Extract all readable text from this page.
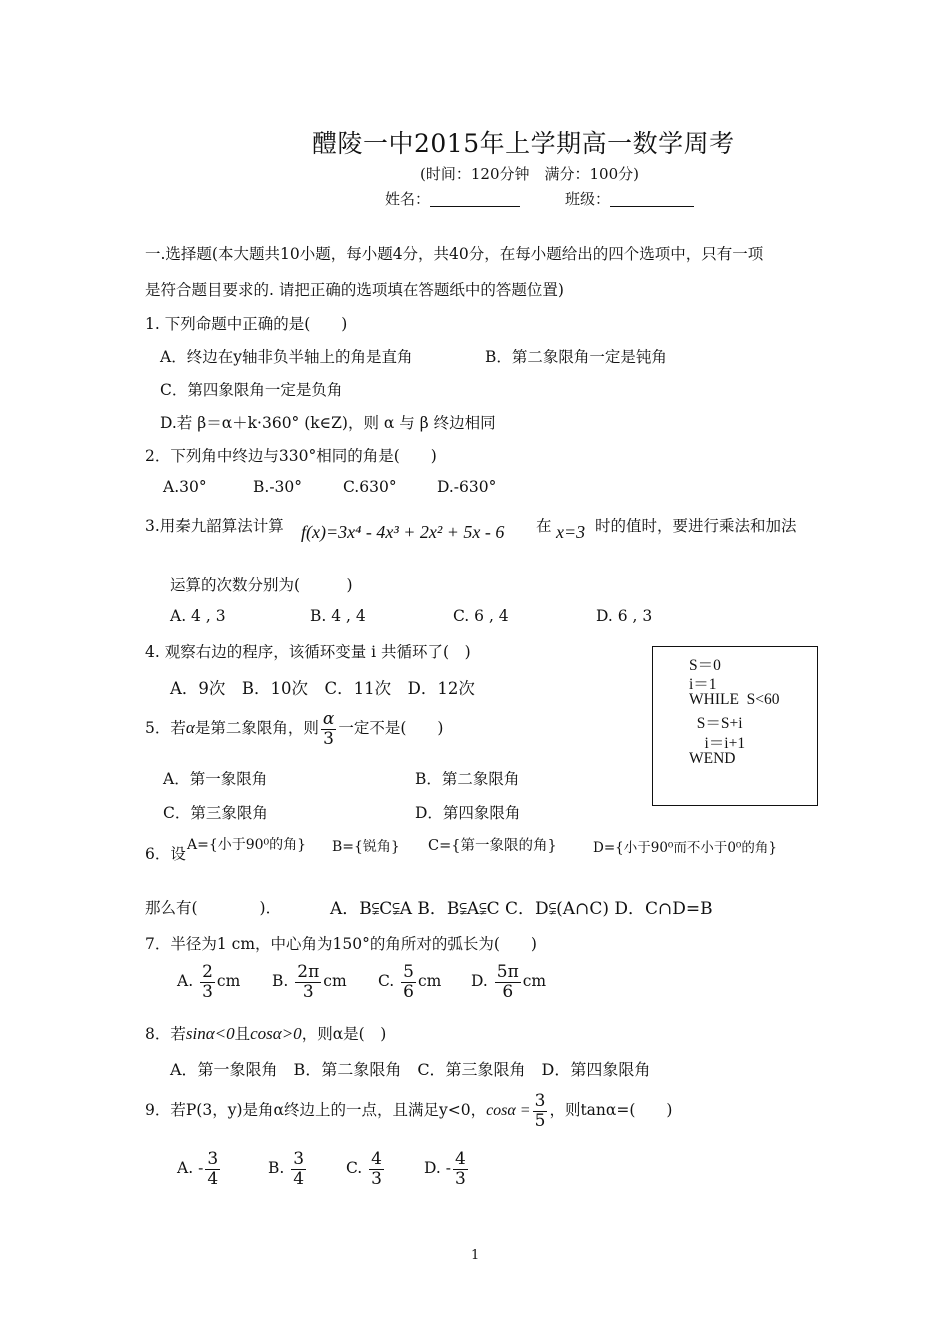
醴陵一中2015年上学期高一数学周考
(时间：120分钟　满分：100分)
姓名：	班级：
一.选择题(本大题共10小题，每小题4分，共40分，在每小题给出的四个选项中，只有一项
是符合题目要求的. 请把正确的选项填在答题纸中的答题位置)
1. 下列命题中正确的是(　　)
A．终边在y轴非负半轴上的角是直角	B．第二象限角一定是钝角
C．第四象限角一定是负角
D.若 β＝α＋k·360° (k∈Z)，则 α 与 β 终边相同
2．下列角中终边与330°相同的角是(　　)
A.30°	B.-30°	C.630°	D.-630°
3.用秦九韶算法计算 f(x)=3x⁴ - 4x³ + 2x² + 5x - 6 在 x=3 时的值时，要进行乘法和加法
运算的次数分别为(　　　)
A. 4 , 3	B. 4 , 4	C. 6 , 4	D. 6 , 3
4. 观察右边的程序，该循环变量 i 共循环了(　)
A．9次　B．10次　C．11次　D．12次
S＝0
i＝1
WHILE  S<60
S＝S+i
i＝i+1
WEND
5．若α是第二象限角，则 $\frac{\alpha}{3}$ 一定不是(　　)
A．第一象限角	B．第二象限角
C．第三象限角	D．第四象限角
6．设 A={小于90⁰的角} B={锐角} C={第一象限的角}	D={小于90⁰而不小于0⁰的角}
那么有(　　　　)．	A．B⫋C⫋A B．B⫋A⫋C C．D⫋(A∩C) D．C∩D=B
7．半径为1 cm，中心角为150°的角所对的弧长为(　　)
A. $\frac{2}{3}$ cm B. $\frac{2\pi}{3}$ cm C. $\frac{5}{6}$ cm D. $\frac{5\pi}{6}$ cm
8．若sinα<0且cosα>0，则α是(　)
A．第一象限角　B．第二象限角　C．第三象限角　D．第四象限角
9．若P(3，y)是角α终边上的一点，且满足y<0，$\cos\alpha = \frac{3}{5}$ ，则tanα=(　　)
A. - $\frac{3}{4}$	B. $\frac{3}{4}$	C. $\frac{4}{3}$	D. - $\frac{4}{3}$
1
